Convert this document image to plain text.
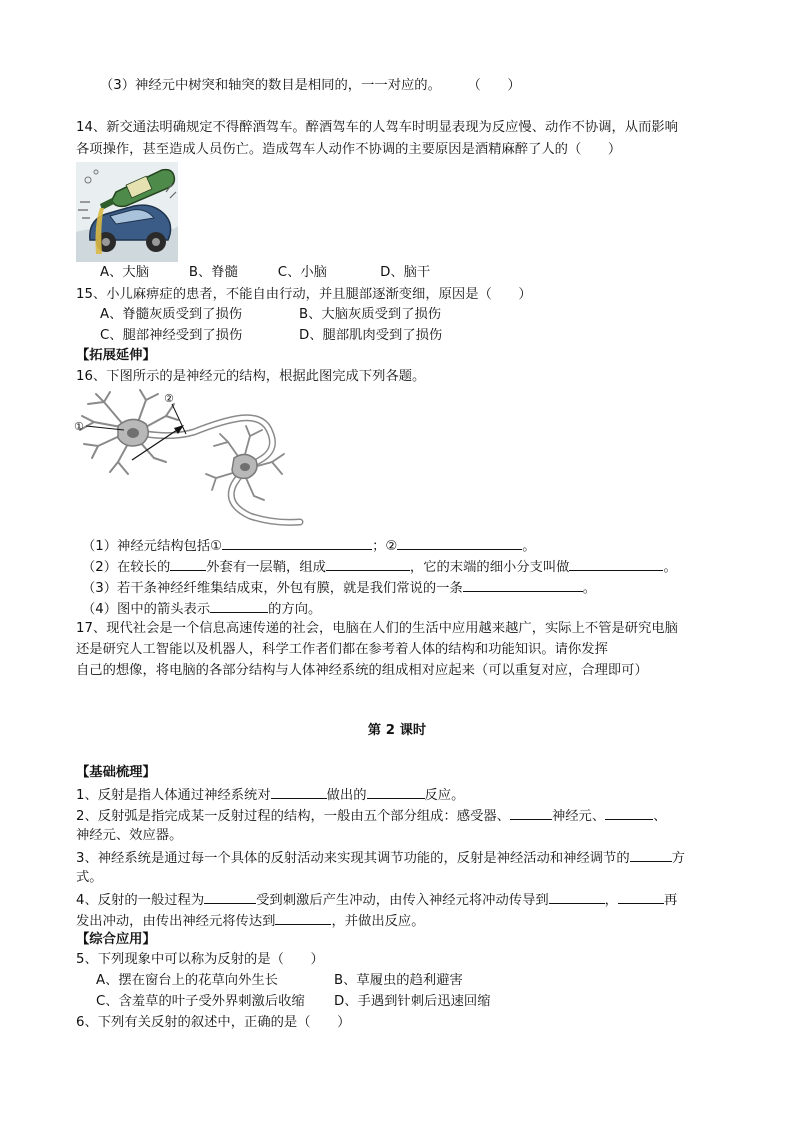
（3）神经元中树突和轴突的数目是相同的，一一对应的。　　　（　　）
14、新交通法明确规定不得醉酒驾车。醉酒驾车的人驾车时明显表现为反应慢、动作不协调，从而影响
各项操作，甚至造成人员伤亡。造成驾车人动作不协调的主要原因是酒精麻醉了人的（　　）
A、大脑　　　B、脊髓　　　C、小脑　　　　D、脑干
15、小儿麻痹症的患者，不能自由行动，并且腿部逐渐变细，原因是（　　）
A、脊髓灰质受到了损伤	B、大脑灰质受到了损伤
C、腿部神经受到了损伤	D、腿部肌肉受到了损伤
【拓展延伸】
16、下图所示的是神经元的结构，根据此图完成下列各题。
①
②
（1）神经元结构包括①	；②	。
（2）在较长的	外套有一层鞘，组成	，它的末端的细小分支叫做	。
（3）若干条神经纤维集结成束，外包有膜，就是我们常说的一条	。
（4）图中的箭头表示	的方向。
17、现代社会是一个信息高速传递的社会，电脑在人们的生活中应用越来越广，实际上不管是研究电脑
还是研究人工智能以及机器人，科学工作者们都在参考着人体的结构和功能知识。请你发挥
自己的想像，将电脑的各部分结构与人体神经系统的组成相对应起来（可以重复对应，合理即可）
第 2 课时
【基础梳理】
1、反射是指人体通过神经系统对	做出的	反应。
2、反射弧是指完成某一反射过程的结构，一般由五个部分组成：感受器、	神经元、	、
神经元、效应器。
3、神经系统是通过每一个具体的反射活动来实现其调节功能的，反射是神经活动和神经调节的	方
式。
4、反射的一般过程为	受到刺激后产生冲动，由传入神经元将冲动传导到	，	再
发出冲动，由传出神经元将传达到	，并做出反应。
【综合应用】
5、下列现象中可以称为反射的是（　　）
A、摆在窗台上的花草向外生长	B、草履虫的趋利避害
C、含羞草的叶子受外界刺激后收缩 D、手遇到针刺后迅速回缩
6、下列有关反射的叙述中，正确的是（　　）
